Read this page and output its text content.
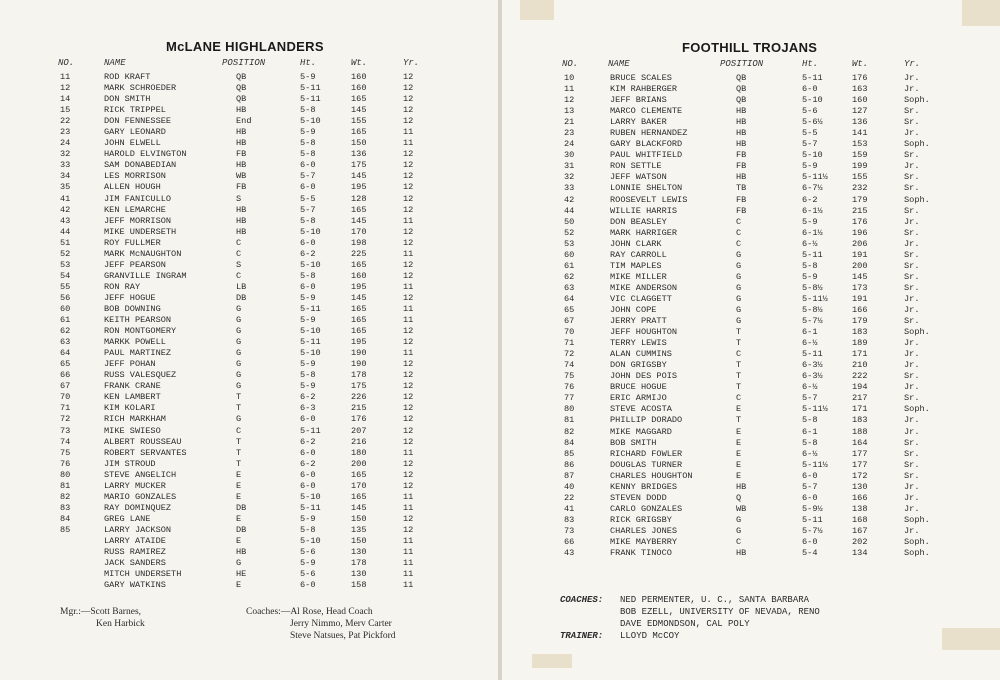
McLANE HIGHLANDERS
NO.	NAME	POSITION	Ht.	Wt.	Yr.
11	ROD KRAFT	QB	5-9	160	12
12	MARK SCHROEDER	QB	5-11	160	12
14	DON SMITH	QB	5-11	165	12
15	RICK TRIPPEL	HB	5-8	145	12
22	DON FENNESSEE	End	5-10	155	12
23	GARY LEONARD	HB	5-9	165	11
24	JOHN ELWELL	HB	5-8	150	11
32	HAROLD ELVINGTON	FB	5-8	136	12
33	SAM DONABEDIAN	HB	6-0	175	12
34	LES MORRISON	WB	5-7	145	12
35	ALLEN HOUGH	FB	6-0	195	12
41	JIM FANICULLO	S	5-5	128	12
42	KEN LEMARCHE	HB	5-7	165	12
43	JEFF MORRISON	HB	5-8	145	11
44	MIKE UNDERSETH	HB	5-10	170	12
51	ROY FULLMER	C	6-0	198	12
52	MARK McNAUGHTON	C	6-2	225	11
53	JEFF PEARSON	S	5-10	165	12
54	GRANVILLE INGRAM	C	5-8	160	12
55	RON RAY	LB	6-0	195	11
56	JEFF HOGUE	DB	5-9	145	12
60	BOB DOWNING	G	5-11	165	11
61	KEITH PEARSON	G	5-9	165	11
62	RON MONTGOMERY	G	5-10	165	12
63	MARKK POWELL	G	5-11	195	12
64	PAUL MARTINEZ	G	5-10	190	11
65	JEFF POHAN	G	5-9	190	12
66	RUSS VALESQUEZ	G	5-8	178	12
67	FRANK CRANE	G	5-9	175	12
70	KEN LAMBERT	T	6-2	226	12
71	KIM KOLARI	T	6-3	215	12
72	RICH MARKHAM	G	6-0	176	12
73	MIKE SWIESO	C	5-11	207	12
74	ALBERT ROUSSEAU	T	6-2	216	12
75	ROBERT SERVANTES	T	6-0	180	11
76	JIM STROUD	T	6-2	200	12
80	STEVE ANGELICH	E	6-0	165	12
81	LARRY MUCKER	E	6-0	170	12
82	MARIO GONZALES	E	5-10	165	11
83	RAY DOMINQUEZ	DB	5-11	145	11
84	GREG LANE	E	5-9	150	12
85	LARRY JACKSON	DB	5-8	135	12
LARRY ATAIDE	E	5-10	150	11
RUSS RAMIREZ	HB	5-6	130	11
JACK SANDERS	G	5-9	178	11
MITCH UNDERSETH	HE	5-6	130	11
GARY WATKINS	E	6-0	158	11
Mgr.:—Scott Barnes,
Ken Harbick
Coaches:—Al Rose, Head Coach
Jerry Nimmo, Merv Carter
Steve Natsues, Pat Pickford
FOOTHILL TROJANS
NO.	NAME	POSITION	Ht.	Wt.	Yr.
10	BRUCE SCALES	QB	5-11	176	Jr.
11	KIM RAHBERGER	QB	6-0	163	Jr.
12	JEFF BRIANS	QB	5-10	160	Soph.
13	MARCO CLEMENTE	HB	5-6	127	Sr.
21	LARRY BAKER	HB	5-6½	136	Sr.
23	RUBEN HERNANDEZ	HB	5-5	141	Jr.
24	GARY BLACKFORD	HB	5-7	153	Soph.
30	PAUL WHITFIELD	FB	5-10	159	Sr.
31	RON SETTLE	FB	5-9	199	Jr.
32	JEFF WATSON	HB	5-11½	155	Sr.
33	LONNIE SHELTON	TB	6-7½	232	Sr.
42	ROOSEVELT LEWIS	FB	6-2	179	Soph.
44	WILLIE HARRIS	FB	6-1½	215	Sr.
50	DON BEASLEY	C	5-9	176	Jr.
52	MARK HARRIGER	C	6-1½	196	Sr.
53	JOHN CLARK	C	6-½	206	Jr.
60	RAY CARROLL	G	5-11	191	Sr.
61	TIM MAPLES	G	5-8	200	Sr.
62	MIKE MILLER	G	5-9	145	Sr.
63	MIKE ANDERSON	G	5-8½	173	Sr.
64	VIC CLAGGETT	G	5-11½	191	Jr.
65	JOHN COPE	G	5-8½	166	Jr.
67	JERRY PRATT	G	5-7½	179	Sr.
70	JEFF HOUGHTON	T	6-1	183	Soph.
71	TERRY LEWIS	T	6-½	189	Jr.
72	ALAN CUMMINS	C	5-11	171	Jr.
74	DON GRIGSBY	T	6-3½	210	Jr.
75	JOHN DES POIS	T	6-3½	222	Sr.
76	BRUCE HOGUE	T	6-½	194	Jr.
77	ERIC ARMIJO	C	5-7	217	Sr.
80	STEVE ACOSTA	E	5-11½	171	Soph.
81	PHILLIP DORADO	T	5-8	183	Jr.
82	MIKE MAGGARD	E	6-1	188	Jr.
84	BOB SMITH	E	5-8	164	Sr.
85	RICHARD FOWLER	E	6-½	177	Sr.
86	DOUGLAS TURNER	E	5-11½	177	Sr.
87	CHARLES HOUGHTON	E	6-0	172	Sr.
40	KENNY BRIDGES	HB	5-7	130	Jr.
22	STEVEN DODD	Q	6-0	166	Jr.
41	CARLO GONZALES	WB	5-9½	138	Jr.
83	RICK GRIGSBY	G	5-11	168	Soph.
73	CHARLES JONES	G	5-7½	167	Jr.
66	MIKE MAYBERRY	C	6-0	202	Soph.
43	FRANK TINOCO	HB	5-4	134	Soph.
COACHES: NED PERMENTER, U. C., SANTA BARBARA
BOB EZELL, UNIVERSITY OF NEVADA, RENO
DAVE EDMONDSON, CAL POLY
TRAINER: LLOYD McCOY
